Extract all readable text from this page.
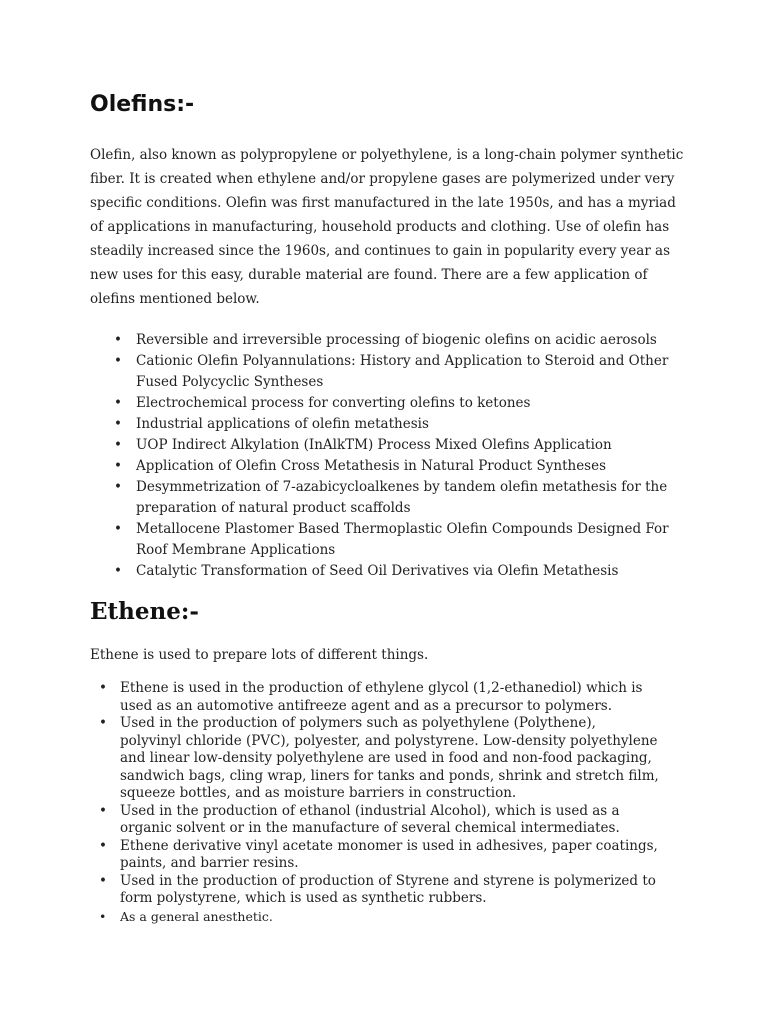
Olefins:-

Olefin, also known as polypropylene or polyethylene, is a long-chain polymer synthetic fiber. It is created when ethylene and/or propylene gases are polymerized under very specific conditions. Olefin was first manufactured in the late 1950s, and has a myriad of applications in manufacturing, household products and clothing. Use of olefin has steadily increased since the 1960s, and continues to gain in popularity every year as new uses for this easy, durable material are found. There are a few application of olefins mentioned below.

• Reversible and irreversible processing of biogenic olefins on acidic aerosols
• Cationic Olefin Polyannulations: History and Application to Steroid and Other Fused Polycyclic Syntheses
• Electrochemical process for converting olefins to ketones
• Industrial applications of olefin metathesis
• UOP Indirect Alkylation (InAlkTM) Process Mixed Olefins Application
• Application of Olefin Cross Metathesis in Natural Product Syntheses
• Desymmetrization of 7-azabicycloalkenes by tandem olefin metathesis for the preparation of natural product scaffolds
• Metallocene Plastomer Based Thermoplastic Olefin Compounds Designed For Roof Membrane Applications
• Catalytic Transformation of Seed Oil Derivatives via Olefin Metathesis
Ethene:-

Ethene is used to prepare lots of different things.

• Ethene is used in the production of ethylene glycol (1,2-ethanediol) which is used as an automotive antifreeze agent and as a precursor to polymers.
• Used in the production of polymers such as polyethylene (Polythene), polyvinyl chloride (PVC), polyester, and polystyrene. Low-density polyethylene and linear low-density polyethylene are used in food and non-food packaging, sandwich bags, cling wrap, liners for tanks and ponds, shrink and stretch film, squeeze bottles, and as moisture barriers in construction.
• Used in the production of ethanol (industrial Alcohol), which is used as a organic solvent or in the manufacture of several chemical intermediates.
• Ethene derivative vinyl acetate monomer is used in adhesives, paper coatings, paints, and barrier resins.
• Used in the production of production of Styrene and styrene is polymerized to form polystyrene, which is used as synthetic rubbers.
• As a general anesthetic.
